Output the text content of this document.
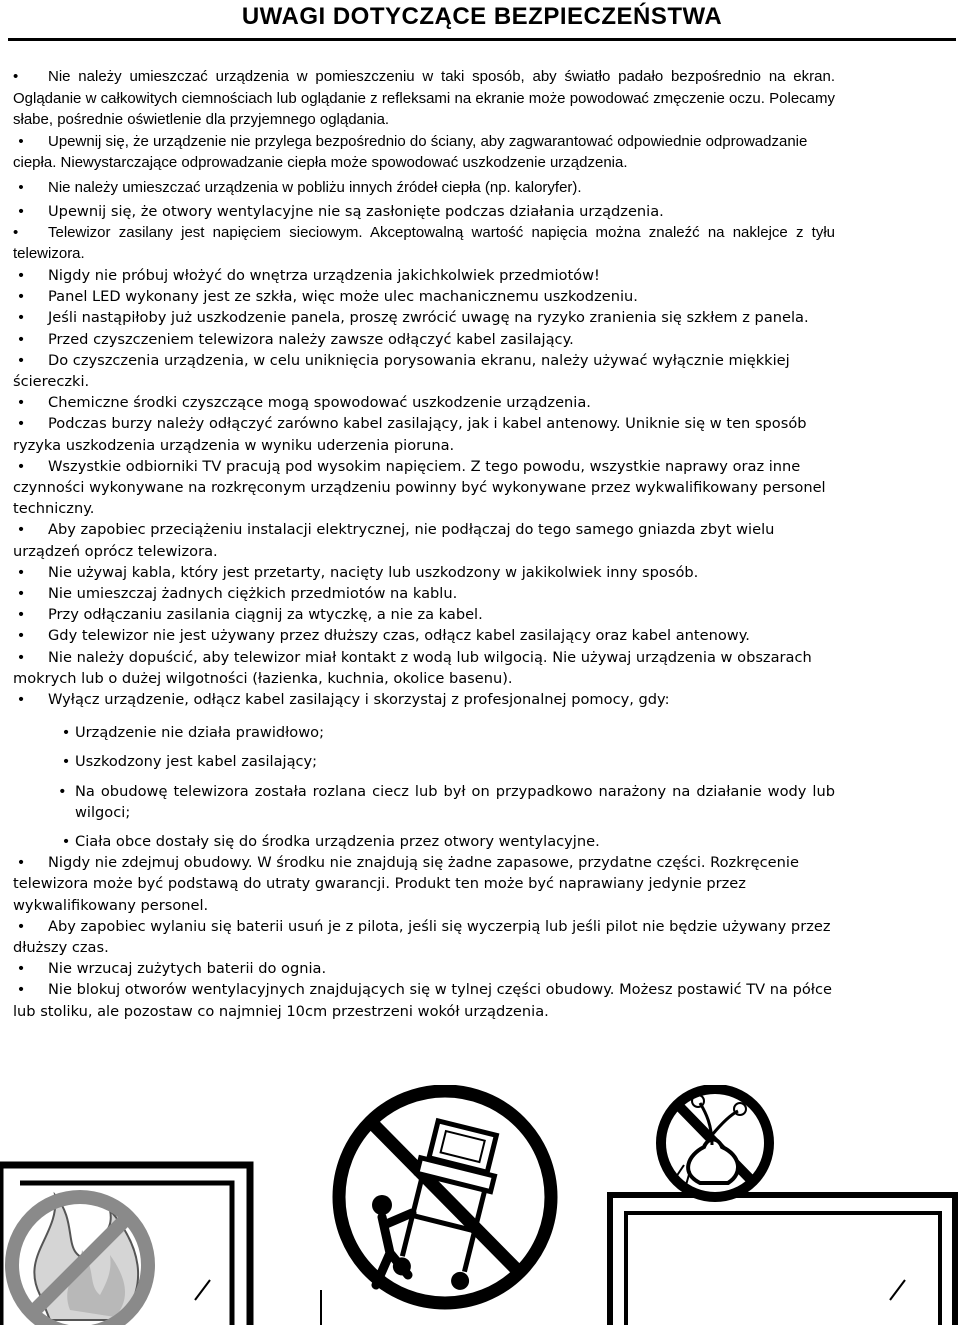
UWAGI DOTYCZĄCE BEZPIECZEŃSTWA
•	Nie należy umieszczać urządzenia w pomieszczeniu w taki sposób, aby światło padało bezpośrednio na ekran. Oglądanie w całkowitych ciemnościach lub oglądanie z refleksami na ekranie może powodować zmęczenie oczu. Polecamy słabe, pośrednie oświetlenie dla przyjemnego oglądania.
•	Upewnij się, że urządzenie nie przylega bezpośrednio do ściany, aby zagwarantować odpowiednie odprowadzanie ciepła. Niewystarczające odprowadzanie ciepła może spowodować uszkodzenie urządzenia.
•	Nie należy umieszczać urządzenia w pobliżu innych źródeł ciepła (np. kaloryfer).
• Upewnij się, że otwory wentylacyjne nie są zasłonięte podczas działania urządzenia.
•	Telewizor zasilany jest napięciem sieciowym. Akceptowalną wartość napięcia można znaleźć na naklejce z tyłu telewizora.
• Nigdy nie próbuj włożyć do wnętrza urządzenia jakichkolwiek przedmiotów!
• Panel LED wykonany jest ze szkła, więc może ulec machanicznemu uszkodzeniu.
• Jeśli nastąpiłoby już uszkodzenie panela, proszę zwrócić uwagę na ryzyko zranienia się szkłem z panela.
• Przed czyszczeniem telewizora należy zawsze odłączyć kabel zasilający.
• Do czyszczenia urządzenia, w celu uniknięcia porysowania ekranu, należy używać wyłącznie miękkiej ściereczki.
• Chemiczne środki czyszczące mogą spowodować uszkodzenie urządzenia.
• Podczas burzy należy odłączyć zarówno kabel zasilający, jak i kabel antenowy. Uniknie się w ten sposób ryzyka uszkodzenia urządzenia w wyniku uderzenia pioruna.
• Wszystkie odbiorniki TV pracują pod wysokim napięciem. Z tego powodu, wszystkie naprawy oraz inne czynności wykonywane na rozkręconym urządzeniu powinny być wykonywane przez wykwalifikowany personel techniczny.
• Aby zapobiec przeciążeniu instalacji elektrycznej, nie podłączaj do tego samego gniazda zbyt wielu urządzeń oprócz telewizora.
• Nie używaj kabla, który jest przetarty, nacięty lub uszkodzony w jakikolwiek inny sposób.
• Nie umieszczaj żadnych ciężkich przedmiotów na kablu.
• Przy odłączaniu zasilania ciągnij za wtyczkę, a nie za kabel.
• Gdy telewizor nie jest używany przez dłuższy czas, odłącz kabel zasilający oraz kabel antenowy.
• Nie należy dopuścić, aby telewizor miał kontakt z wodą lub wilgocią. Nie używaj urządzenia w obszarach mokrych lub o dużej wilgotności (łazienka, kuchnia, okolice basenu).
• Wyłącz urządzenie, odłącz kabel zasilający i skorzystaj z profesjonalnej pomocy, gdy:
• Urządzenie nie działa prawidłowo;
• Uszkodzony jest kabel zasilający;
• Na obudowę telewizora została rozlana ciecz lub był on przypadkowo narażony na działanie wody lub wilgoci;
• Ciała obce dostały się do środka urządzenia przez otwory wentylacyjne.
• Nigdy nie zdejmuj obudowy. W środku nie znajdują się żadne zapasowe, przydatne części. Rozkręcenie telewizora może być podstawą do utraty gwarancji. Produkt ten może być naprawiany jedynie przez wykwalifikowany personel.
• Aby zapobiec wylaniu się baterii usuń je z pilota, jeśli się wyczerpią lub jeśli pilot nie będzie używany przez dłuższy czas.
• Nie wrzucaj zużytych baterii do ognia.
• Nie blokuj otworów wentylacyjnych znajdujących się w tylnej części obudowy. Możesz postawić TV na półce lub stoliku, ale pozostaw co najmniej 10cm przestrzeni wokół urządzenia.
